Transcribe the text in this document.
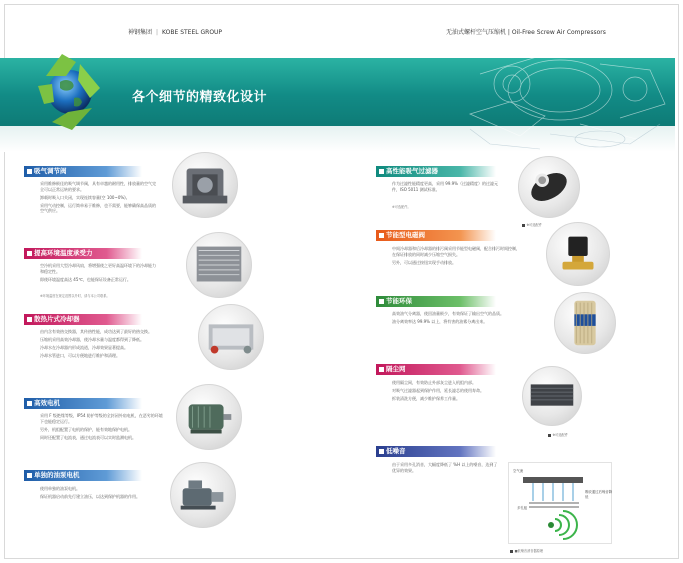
神钢集团 | KOBE STEEL GROUP	无油式螺杆空气压缩机 | Oil-Free Screw Air Compressors
各个细节的精致化设计
吸气调节阀

采用维修极佳的吸气调节阀，具有卓越的耐用性，排放量的空气完全可以正常运转的要求。

卸载时吸入口关闭，实现连续容量(空 100~0%)。

采用气动控制，运行简单易于维修，也不需要，能够确保高品质的空气供应。

提高环境温度承受力

空冷机采用大型冷却风扇，将增强使之更好高温环境下的冷却能力和稳定性。

即使环境温度高达 45℃，也能保证设备正常运行。

※环境温度在规定范围以外时，请与本公司联系。
散热片式冷却器

由内含有效热交换器，其传热性能，成功达到了最好的热交换。

压缩机采用高效冷却器，使冷却水量与温度都得到了降低。

冷却水在冷却器内形成流道，冷却效果显著提高。

冷却水管进口，可以方便地进行维护和清理。

高效电机

采用 F 级绝缘等级，IP54 防护等级的全封闭外扇电机，在恶劣的环境下也能稳定运行。

另外，机组配置了电机的保护，能有效地保护电机。

同时还配置了电流表，通过电流表可以实时监测电机。

单独的油泵电机

使用单独的油泵电机。

保证机器启动前先行建立油压，以达到保护机器的作用。

高性能吸气过滤器

作为过滤性能精度更高，采用 99.9%（过滤精度）的过滤元件，ISO 5011 测试标准。

※可选配件。
※可选配件
节能型电磁阀

中间冷却器和后冷却器的排污阀采用节能型电磁阀，配合排污时间控制，在保证排放的同时减少压缩空气损失。

另外，可以通过按钮实现手动排放。

节能环保

高效油气分离器，使回油量极少，有效保证了输出空气的品质。

油分离效率达 99.9% 以上，将有害的油雾分离出来。

隔尘网

使用隔尘网，有效防止外部灰尘进入机组内部。

对吸气过滤器起到保护作用，延长滤芯的使用寿命。

拆装清洗方便，减少维护保养工作量。

※可选配件
低噪音

由于采用多孔消音，大幅度降低了 %H 以上的噪音，达到了优异的效果。	空气流
多孔板
吸收通过后噪音降低
■低噪音消音器原理
